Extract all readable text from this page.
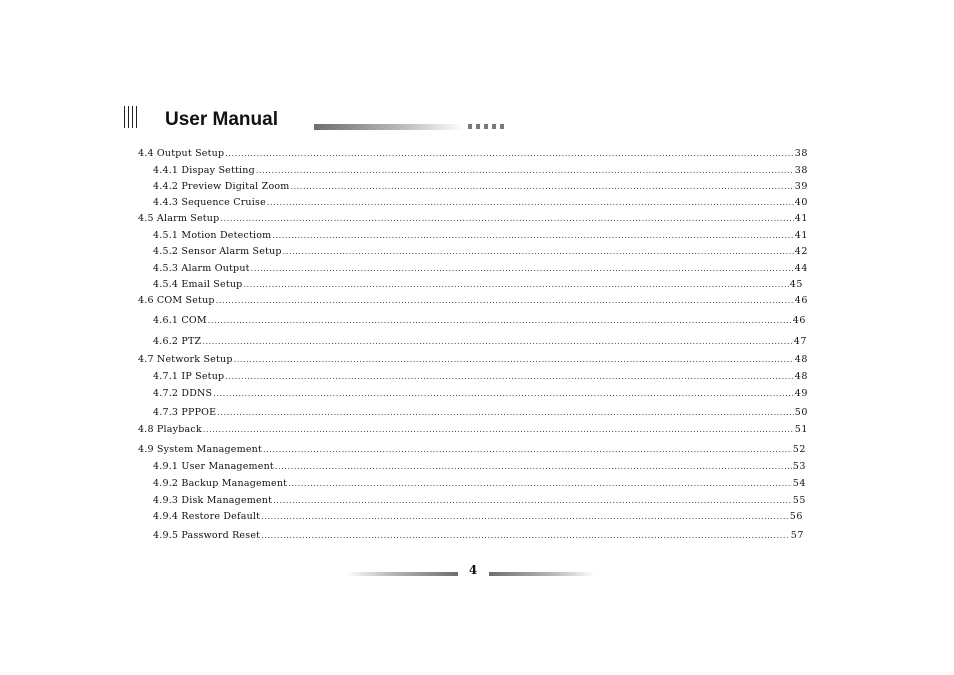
User Manual
4.4 Output Setup .....	38
4.4.1 Dispay Setting .....	38
4.4.2 Preview Digital Zoom .....	39
4.4.3 Sequence Cruise .....	40
4.5 Alarm Setup .....	41
4.5.1 Motion Detectiom .....	41
4.5.2 Sensor Alarm Setup .....	42
4.5.3 Alarm Output .....	44
4.5.4 Email Setup .....	45
4.6 COM Setup .....	46
4.6.1 COM .....	46
4.6.2 PTZ .....	47
4.7 Network Setup .....	48
4.7.1 IP Setup .....	48
4.7.2 DDNS .....	49
4.7.3 PPPOE .....	50
4.8 Playback .....	51
4.9 System Management .....	52
4.9.1 User Management .....	53
4.9.2 Backup Management .....	54
4.9.3 Disk Management .....	55
4.9.4 Restore Default .....	56
4.9.5 Password Reset .....	57
4
